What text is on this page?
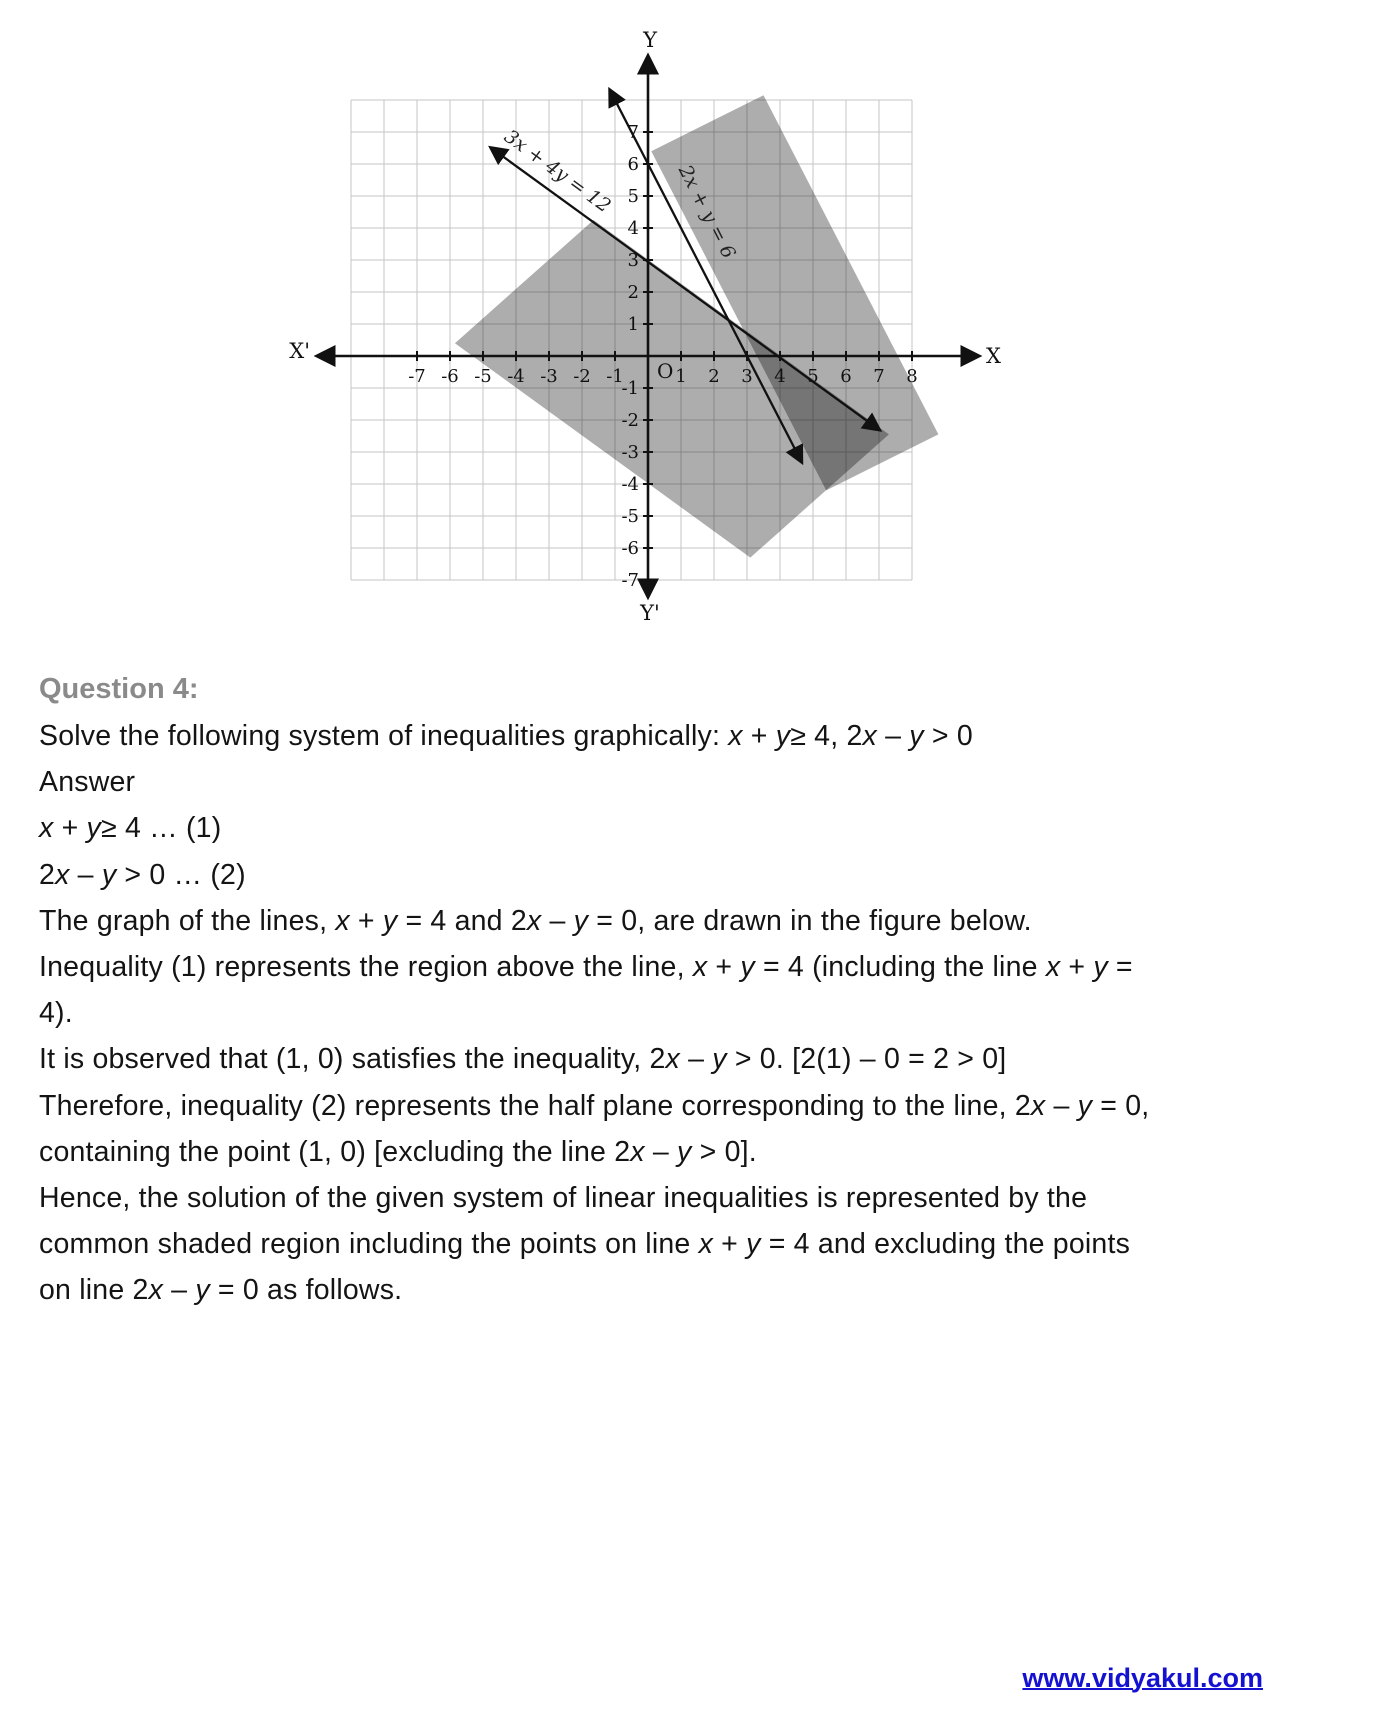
-7 -6 -5 -4 -3 -2 -1	1 2 3 4 5 6 7 8
7
6
5
4
3
2
1
-1
-2
-3
-4
-5
-6
-7
O
X
X'
Y
Y'
3x + 4y = 12	2x + y = 6
Question 4:
Solve the following system of inequalities graphically: x + y≥ 4, 2x – y > 0
Answer
x + y≥ 4 … (1)
2x – y > 0 … (2)
The graph of the lines, x + y = 4 and 2x – y = 0, are drawn in the figure below.
Inequality (1) represents the region above the line, x + y = 4 (including the line x + y =
4).
It is observed that (1, 0) satisfies the inequality, 2x – y > 0. [2(1) – 0 = 2 > 0]
Therefore, inequality (2) represents the half plane corresponding to the line, 2x – y = 0,
containing the point (1, 0) [excluding the line 2x – y > 0].
Hence, the solution of the given system of linear inequalities is represented by the
common shaded region including the points on line x + y = 4 and excluding the points
on line 2x – y = 0 as follows.
www.vidyakul.com
